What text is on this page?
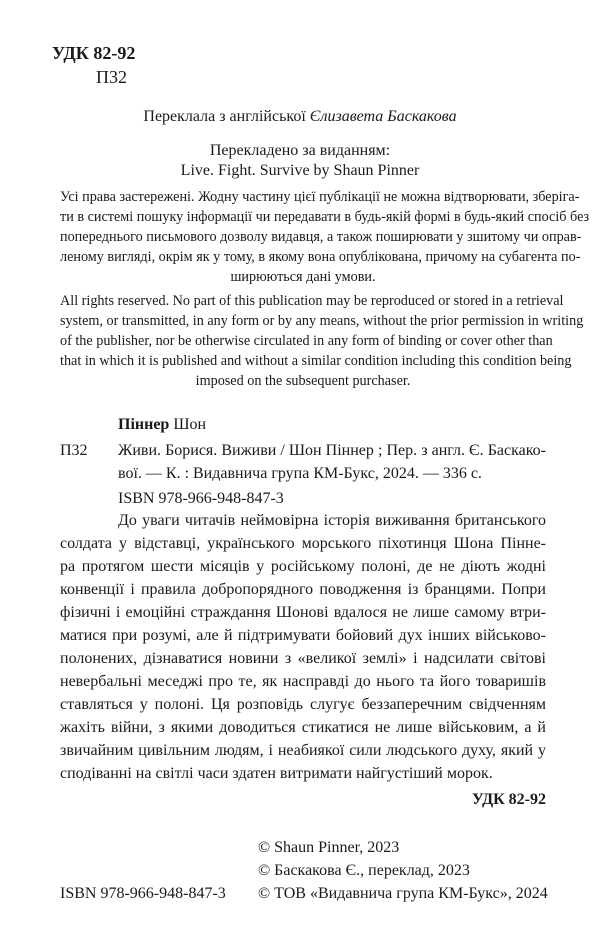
УДК 82-92
П32
Переклала з англійської Єлизавета Баскакова
Перекладено за виданням:
Live. Fight. Survive by Shaun Pinner
Усі права застережені. Жодну частину цієї публікації не можна відтворювати, зберіга-
ти в системі пошуку інформації чи передавати в будь-якій формі в будь-який спосіб без
попереднього письмового дозволу видавця, а також поширювати у зшитому чи оправ-
леному вигляді, окрім як у тому, в якому вона опублікована, причому на субагента по-
ширюються дані умови.
All rights reserved. No part of this publication may be reproduced or stored in a retrieval
system, or transmitted, in any form or by any means, without the prior permission in writing
of the publisher, nor be otherwise circulated in any form of binding or cover other than
that in which it is published and without a similar condition including this condition being
imposed on the subsequent purchaser.
Піннер Шон
П32 Живи. Борися. Виживи / Шон Піннер ; Пер. з англ. Є. Баскако-
вої. — К. : Видавнича група КМ-Букс, 2024. — 336 с.
ISBN 978-966-948-847-3
До уваги читачів неймовірна історія виживання британського
солдата у відставці, українського морського піхотинця Шона Пінне-
ра протягом шести місяців у російському полоні, де не діють жодні
конвенції і правила добропорядного поводження із бранцями. Попри
фізичні і емоційні страждання Шонові вдалося не лише самому втри-
матися при розумі, але й підтримувати бойовий дух інших військово-
полонених, дізнаватися новини з «великої землі» і надсилати світові
невербальні меседжі про те, як насправді до нього та його товаришів
ставляться у полоні. Ця розповідь слугує беззаперечним свідченням
жахіть війни, з якими доводиться стикатися не лише військовим, а й
звичайним цивільним людям, і неабиякої сили людського духу, який у
сподіванні на світлі часи здатен витримати найгустіший морок.
УДК 82-92
© Shaun Pinner, 2023
© Баскакова Є., переклад, 2023
© ТОВ «Видавнича група КМ-Букс», 2024
ISBN 978-966-948-847-3
